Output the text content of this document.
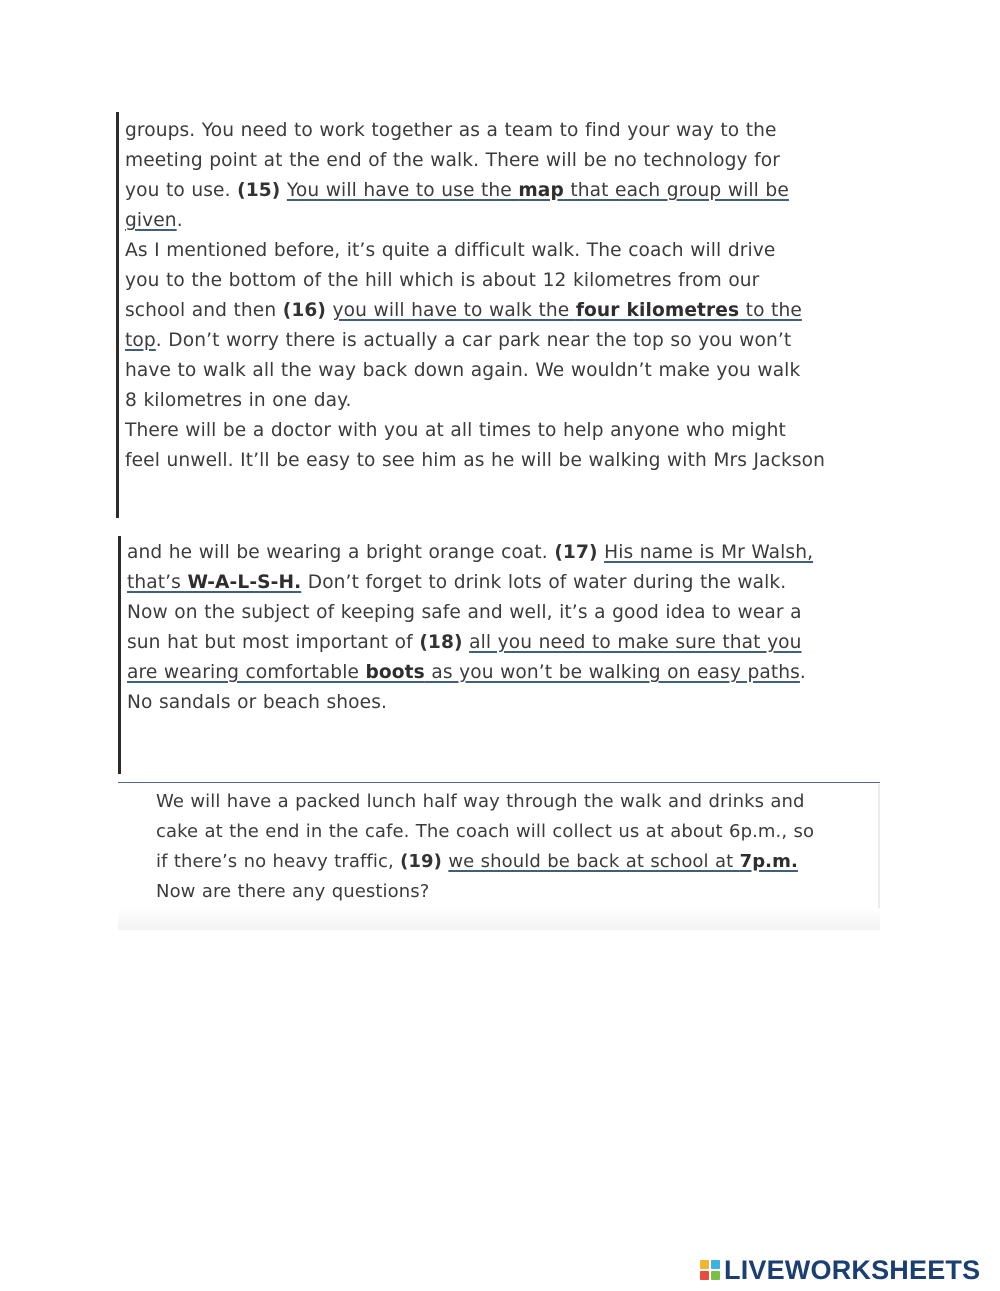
groups. You need to work together as a team to find your way to the

meeting point at the end of the walk. There will be no technology for

you to use. (15) You will have to use the map that each group will be

given.

As I mentioned before, it’s quite a difficult walk. The coach will drive

you to the bottom of the hill which is about 12 kilometres from our

school and then (16) you will have to walk the four kilometres to the

top. Don’t worry there is actually a car park near the top so you won’t

have to walk all the way back down again. We wouldn’t make you walk

8 kilometres in one day.

There will be a doctor with you at all times to help anyone who might

feel unwell. It’ll be easy to see him as he will be walking with Mrs Jackson

and he will be wearing a bright orange coat. (17) His name is Mr Walsh,

that’s W-A-L-S-H. Don’t forget to drink lots of water during the walk.

Now on the subject of keeping safe and well, it’s a good idea to wear a

sun hat but most important of (18) all you need to make sure that you

are wearing comfortable boots as you won’t be walking on easy paths.

No sandals or beach shoes.

We will have a packed lunch half way through the walk and drinks and

cake at the end in the cafe. The coach will collect us at about 6p.m., so

if there’s no heavy traffic, (19) we should be back at school at 7p.m.

Now are there any questions?

LIVEWORKSHEETS
